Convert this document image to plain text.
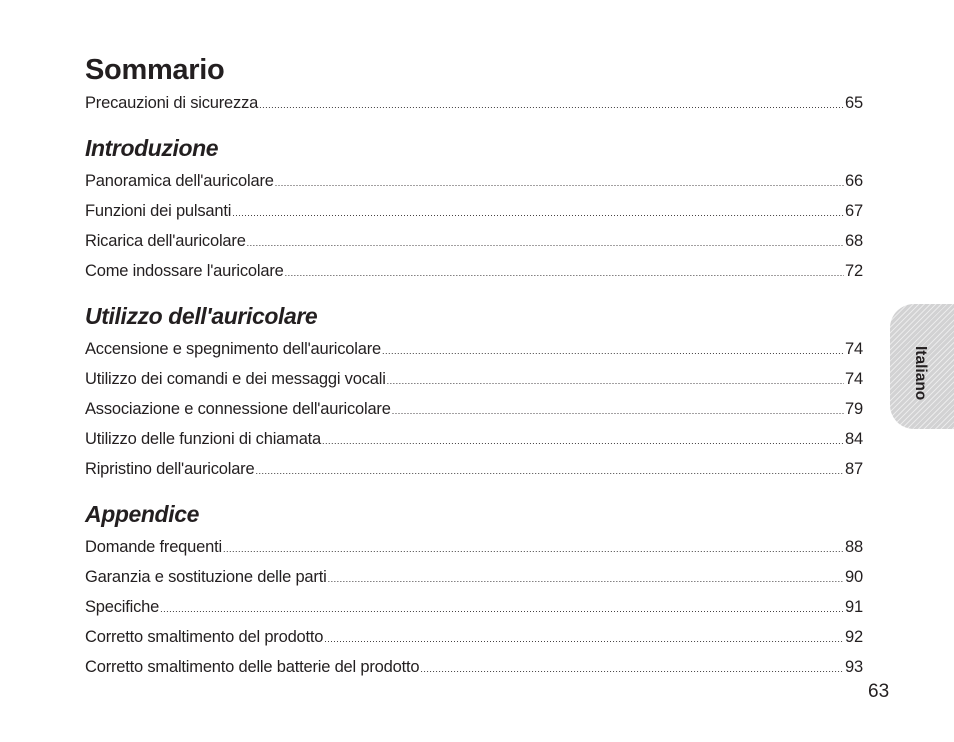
Sommario
Precauzioni di sicurezza .....	65
Introduzione
Panoramica dell'auricolare .....	66
Funzioni dei pulsanti .....	67
Ricarica dell'auricolare .....	68
Come indossare l'auricolare .....	72
Utilizzo dell'auricolare
Accensione e spegnimento dell'auricolare .....	74
Utilizzo dei comandi e dei messaggi vocali .....	74
Associazione e connessione dell'auricolare .....	79
Utilizzo delle funzioni di chiamata .....	84
Ripristino dell'auricolare .....	87
Appendice
Domande frequenti .....	88
Garanzia e sostituzione delle parti .....	90
Specifiche .....	91
Corretto smaltimento del prodotto .....	92
Corretto smaltimento delle batterie del prodotto .....	93
Italiano
63
